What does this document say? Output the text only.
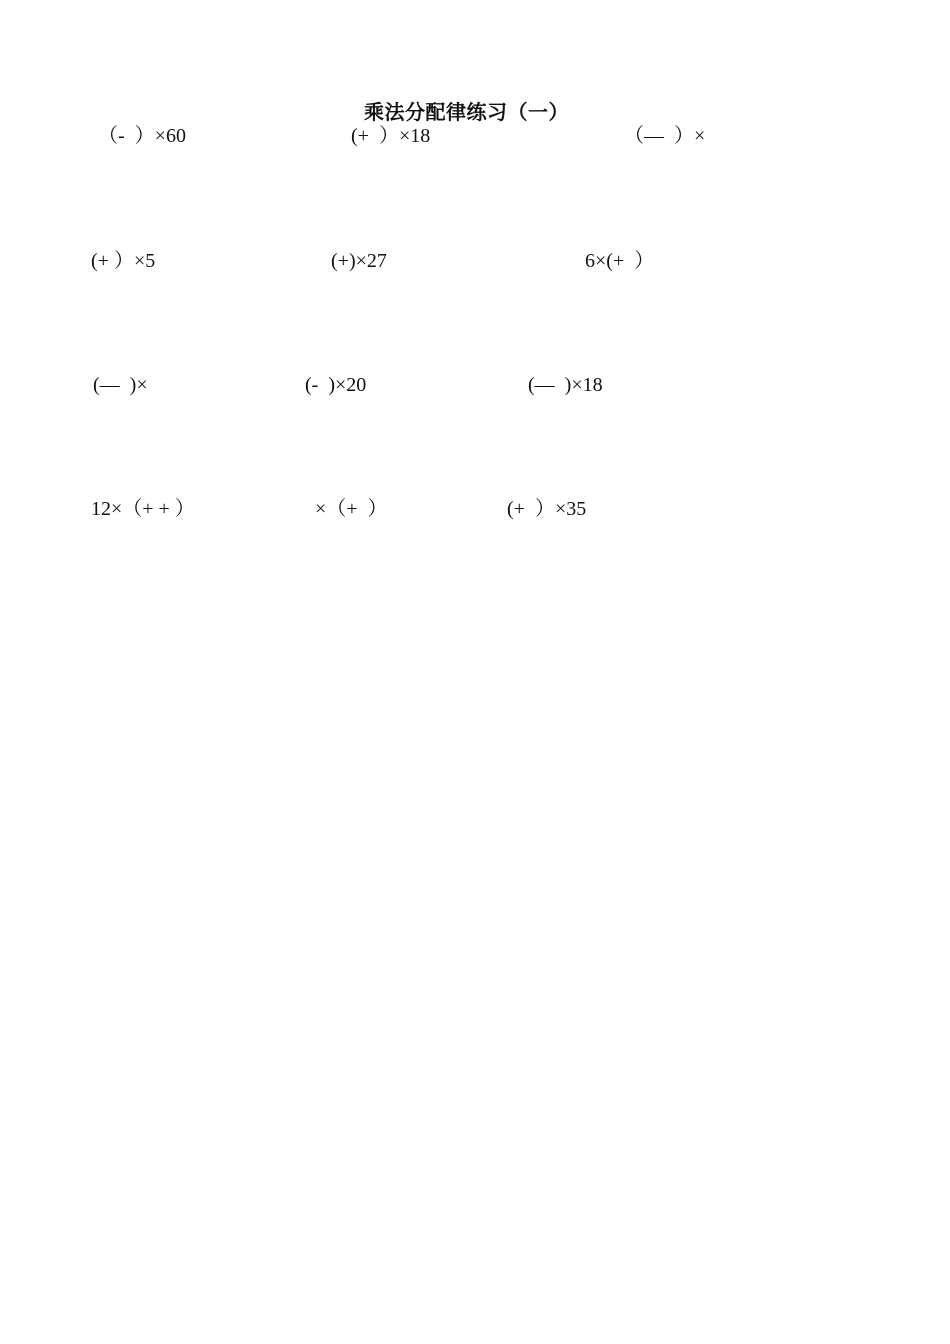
乘法分配律练习（一）
（-  ）×60	(+  ）×18	（—  ）×
(+ ）×5	(+)×27	6×(+  ）
(—  )×	(-  )×20	(—  )×18
12×（+ + ）	×（+  ）	(+  ）×35
